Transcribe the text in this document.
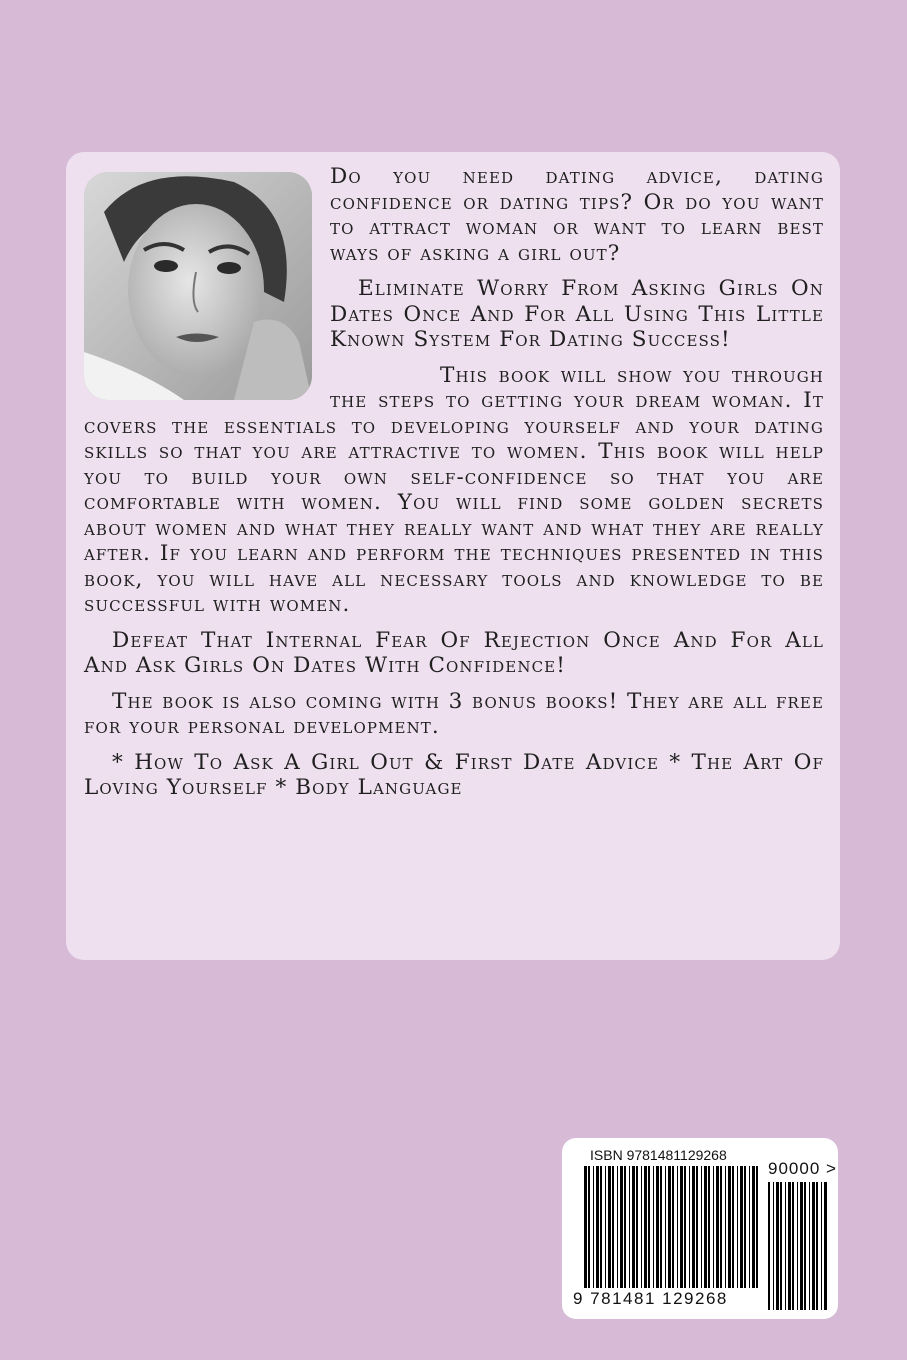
Do you need dating advice, dating confidence or dating tips? Or do you want to attract woman or want to learn best ways of asking a girl out?

Eliminate Worry From Asking Girls On Dates Once And For All Using This Little Known System For Dating Success!

This book will show you through the steps to getting your dream woman. It covers the essentials to developing yourself and your dating skills so that you are attractive to women. This book will help you to build your own self-confidence so that you are comfortable with women. You will find some golden secrets about women and what they really want and what they are really after. If you learn and perform the techniques presented in this book, you will have all necessary tools and knowledge to be successful with women.

Defeat That Internal Fear Of Rejection Once And For All And Ask Girls On Dates With Confidence!

The book is also coming with 3 bonus books! They are all free for your personal development.

* How To Ask A Girl Out & First Date Advice * The Art Of Loving Yourself * Body Language

ISBN 9781481129268
90000 >
9 781481 129268
